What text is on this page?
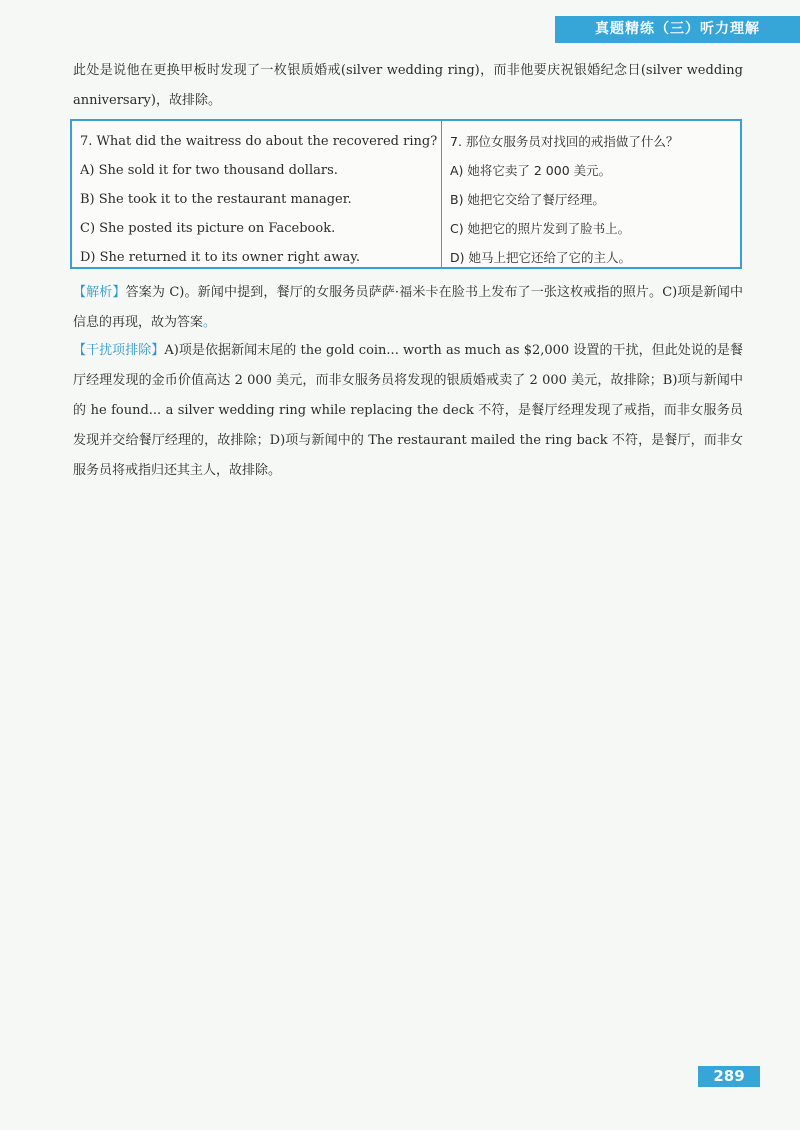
真题精练（三）听力理解
此处是说他在更换甲板时发现了一枚银质婚戒(silver wedding ring)，而非他要庆祝银婚纪念日(silver wedding anniversary)，故排除。
7. What did the waitress do about the recovered ring?
A) She sold it for two thousand dollars.
B) She took it to the restaurant manager.
C) She posted its picture on Facebook.
D) She returned it to its owner right away.
7. 那位女服务员对找回的戒指做了什么？
A) 她将它卖了 2 000 美元。
B) 她把它交给了餐厅经理。
C) 她把它的照片发到了脸书上。
D) 她马上把它还给了它的主人。
【解析】答案为 C)。新闻中提到，餐厅的女服务员萨萨·福米卡在脸书上发布了一张这枚戒指的照片。C)项是新闻中信息的再现，故为答案。
【干扰项排除】A)项是依据新闻末尾的 the gold coin... worth as much as $2,000 设置的干扰，但此处说的是餐厅经理发现的金币价值高达 2 000 美元，而非女服务员将发现的银质婚戒卖了 2 000 美元，故排除；B)项与新闻中的 he found... a silver wedding ring while replacing the deck 不符，是餐厅经理发现了戒指，而非女服务员发现并交给餐厅经理的，故排除；D)项与新闻中的 The restaurant mailed the ring back 不符，是餐厅，而非女服务员将戒指归还其主人，故排除。
289
